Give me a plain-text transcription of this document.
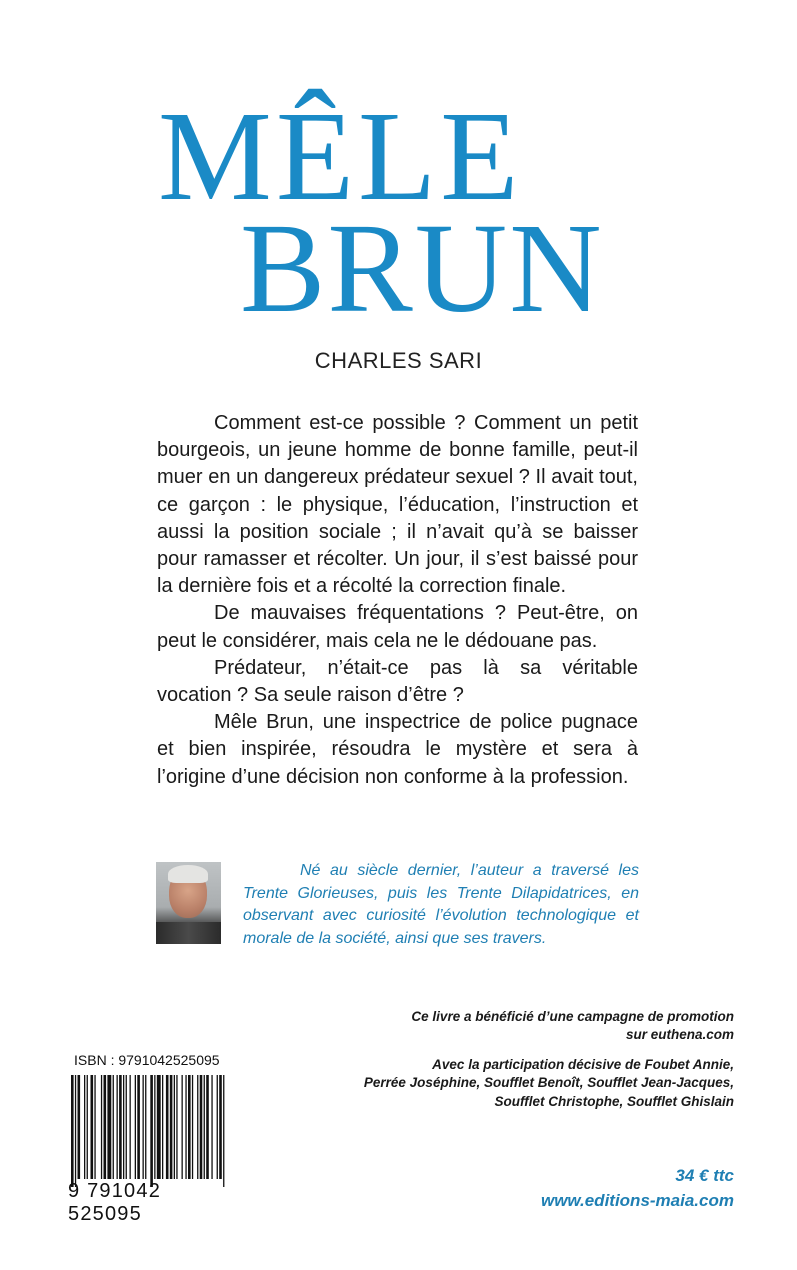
MÊLE
BRUN
CHARLES SARI

Comment est-ce possible ? Comment un petit bourgeois, un jeune homme de bonne famille, peut-il muer en un dangereux prédateur sexuel ? Il avait tout, ce garçon : le physique, l’éducation, l’instruction et aussi la position sociale ; il n’avait qu’à se baisser pour ramasser et récolter. Un jour, il s’est baissé pour la dernière fois et a récolté la correction finale.

De mauvaises fréquentations ? Peut-être, on peut le considérer, mais cela ne le dédouane pas.

Prédateur, n’était-ce pas là sa véritable vocation ? Sa seule raison d’être ?

Mêle Brun, une inspectrice de police pugnace et bien inspirée, résoudra le mystère et sera à l’origine d’une décision non conforme à la profession.

Né au siècle dernier, l’auteur a traversé les Trente Glorieuses, puis les Trente Dilapidatrices, en observant avec curiosité l’évolution technologique et morale de la société, ainsi que ses travers.
Ce livre a bénéficié d’une campagne de promotion
sur euthena.com
Avec la participation décisive de Foubet Annie,
Perrée Joséphine, Soufflet Benoît, Soufflet Jean-Jacques,
Soufflet Christophe, Soufflet Ghislain
ISBN : 9791042525095
9 791042 525095
34 € ttc
www.editions-maia.com
